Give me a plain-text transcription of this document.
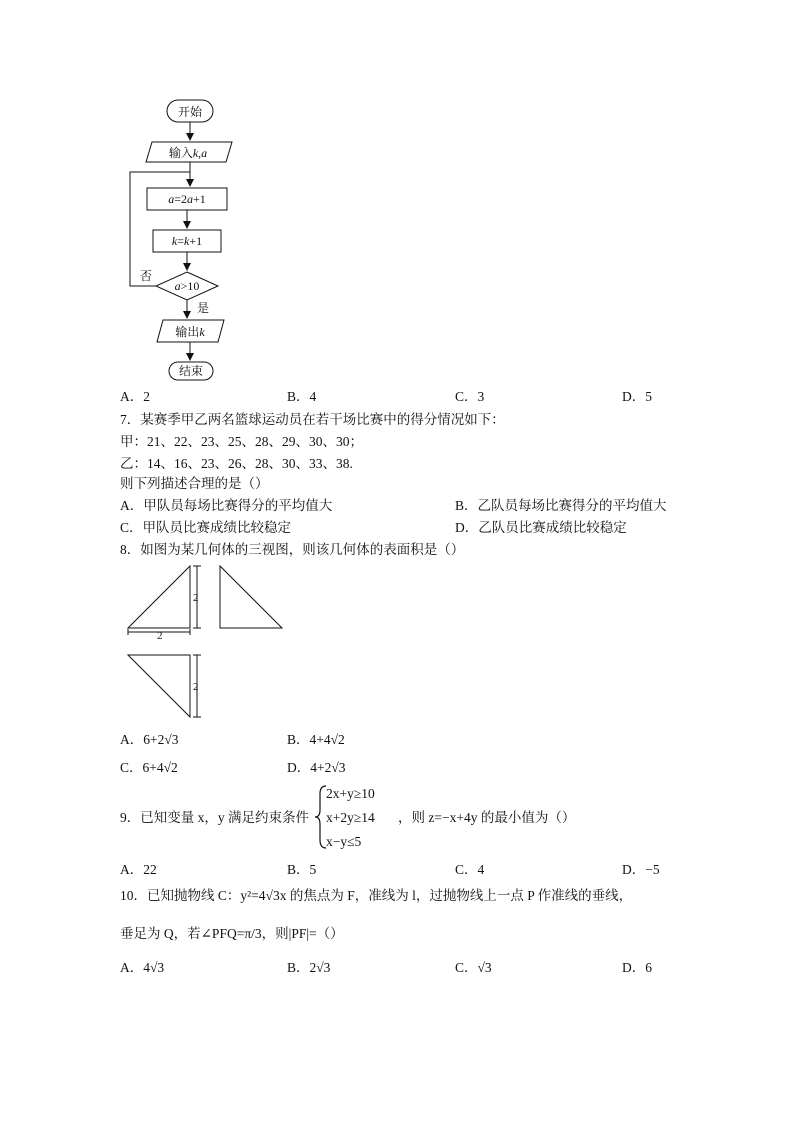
开始
输入k,a
a=2a+1
k=k+1
a>10
否
是
输出k
结束
A．2	B．4	C．3	D．5
7．某赛季甲乙两名篮球运动员在若干场比赛中的得分情况如下：
甲：21、22、23、25、28、29、30、30；
乙：14、16、23、26、28、30、33、38.
则下列描述合理的是（）
A．甲队员每场比赛得分的平均值大	B．乙队员每场比赛得分的平均值大
C．甲队员比赛成绩比较稳定	D．乙队员比赛成绩比较稳定
8．如图为某几何体的三视图，则该几何体的表面积是（）
2
2
2
A．6+2√3	B．4+4√2
C．6+4√2	D．4+2√3
9．已知变量 x，y 满足约束条件
2x+y≥10
x+2y≥14
x−y≤5
，则 z=−x+4y 的最小值为（）
A．22	B．5	C．4	D．−5
10．已知抛物线 C：y²=4√3x 的焦点为 F，准线为 l，过抛物线上一点 P 作准线的垂线，
垂足为 Q，若∠PFQ=π/3，则|PF|=（）
A．4√3	B．2√3	C．√3	D．6
